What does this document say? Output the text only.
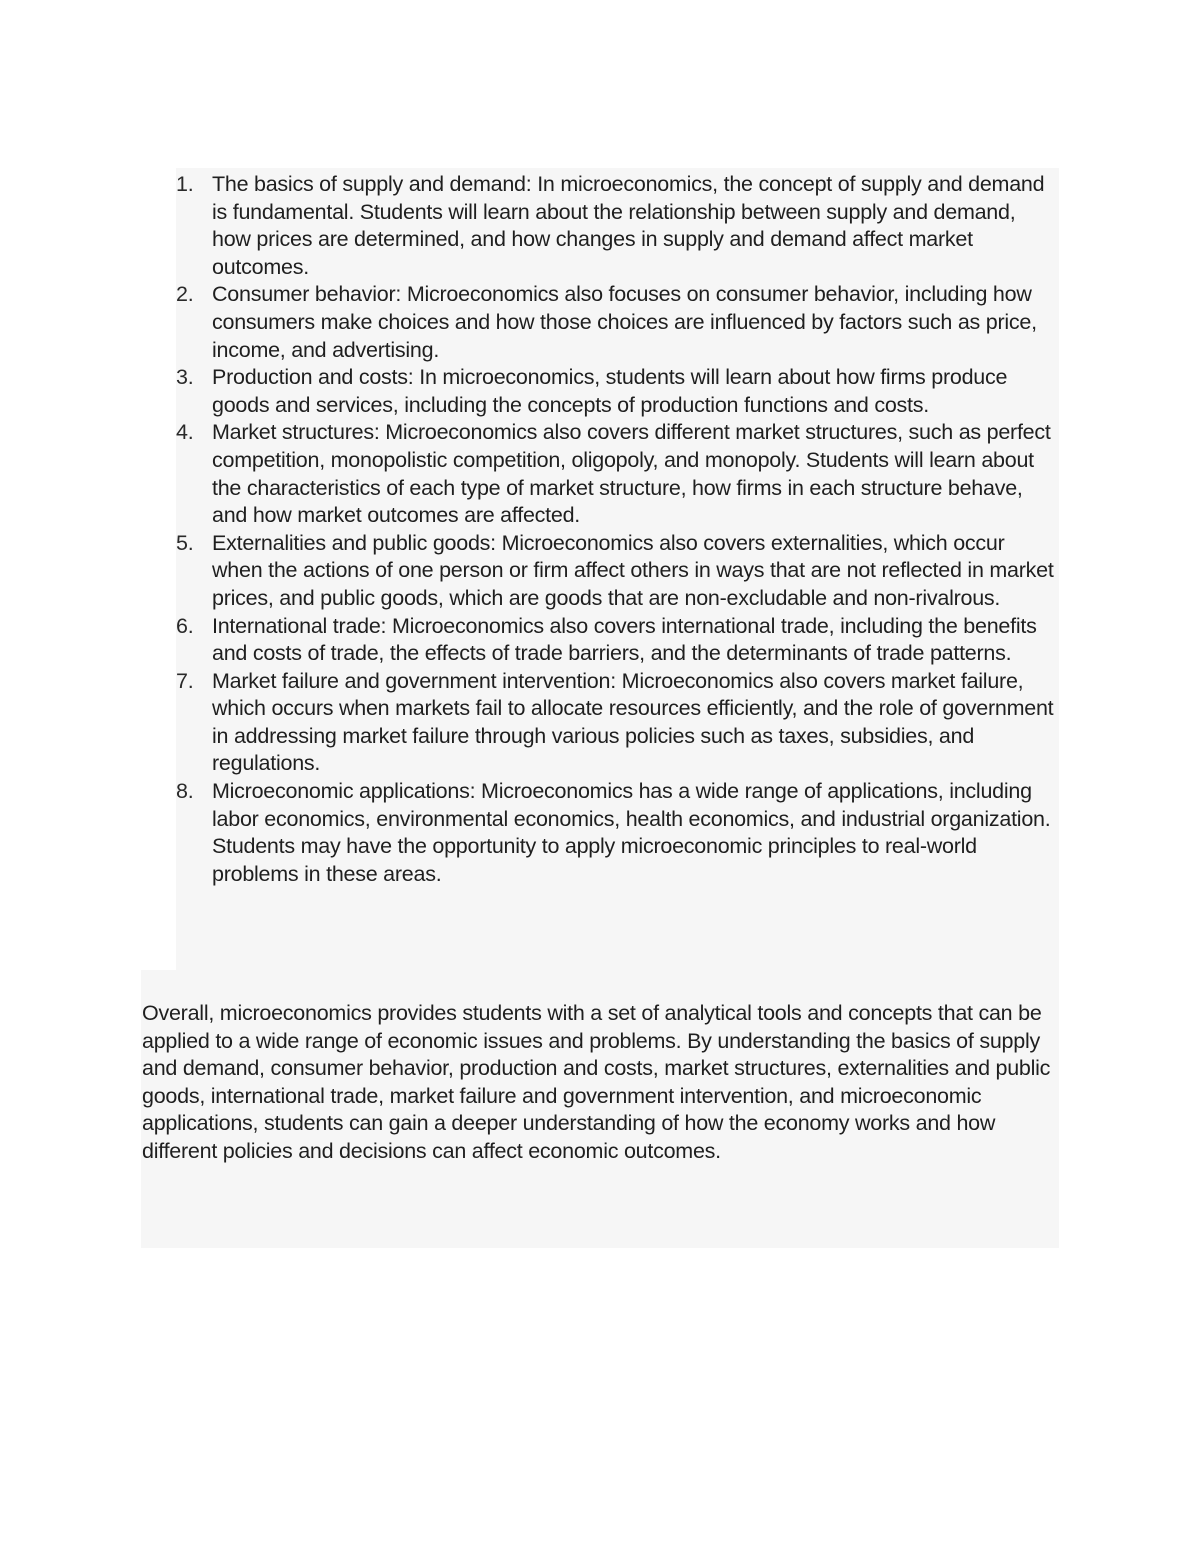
1. The basics of supply and demand: In microeconomics, the concept of supply and demand is fundamental. Students will learn about the relationship between supply and demand, how prices are determined, and how changes in supply and demand affect market outcomes.
2. Consumer behavior: Microeconomics also focuses on consumer behavior, including how consumers make choices and how those choices are influenced by factors such as price, income, and advertising.
3. Production and costs: In microeconomics, students will learn about how firms produce goods and services, including the concepts of production functions and costs.
4. Market structures: Microeconomics also covers different market structures, such as perfect competition, monopolistic competition, oligopoly, and monopoly. Students will learn about the characteristics of each type of market structure, how firms in each structure behave, and how market outcomes are affected.
5. Externalities and public goods: Microeconomics also covers externalities, which occur when the actions of one person or firm affect others in ways that are not reflected in market prices, and public goods, which are goods that are non-excludable and non-rivalrous.
6. International trade: Microeconomics also covers international trade, including the benefits and costs of trade, the effects of trade barriers, and the determinants of trade patterns.
7. Market failure and government intervention: Microeconomics also covers market failure, which occurs when markets fail to allocate resources efficiently, and the role of government in addressing market failure through various policies such as taxes, subsidies, and regulations.
8. Microeconomic applications: Microeconomics has a wide range of applications, including labor economics, environmental economics, health economics, and industrial organization. Students may have the opportunity to apply microeconomic principles to real-world problems in these areas.

Overall, microeconomics provides students with a set of analytical tools and concepts that can be applied to a wide range of economic issues and problems. By understanding the basics of supply and demand, consumer behavior, production and costs, market structures, externalities and public goods, international trade, market failure and government intervention, and microeconomic applications, students can gain a deeper understanding of how the economy works and how different policies and decisions can affect economic outcomes.
